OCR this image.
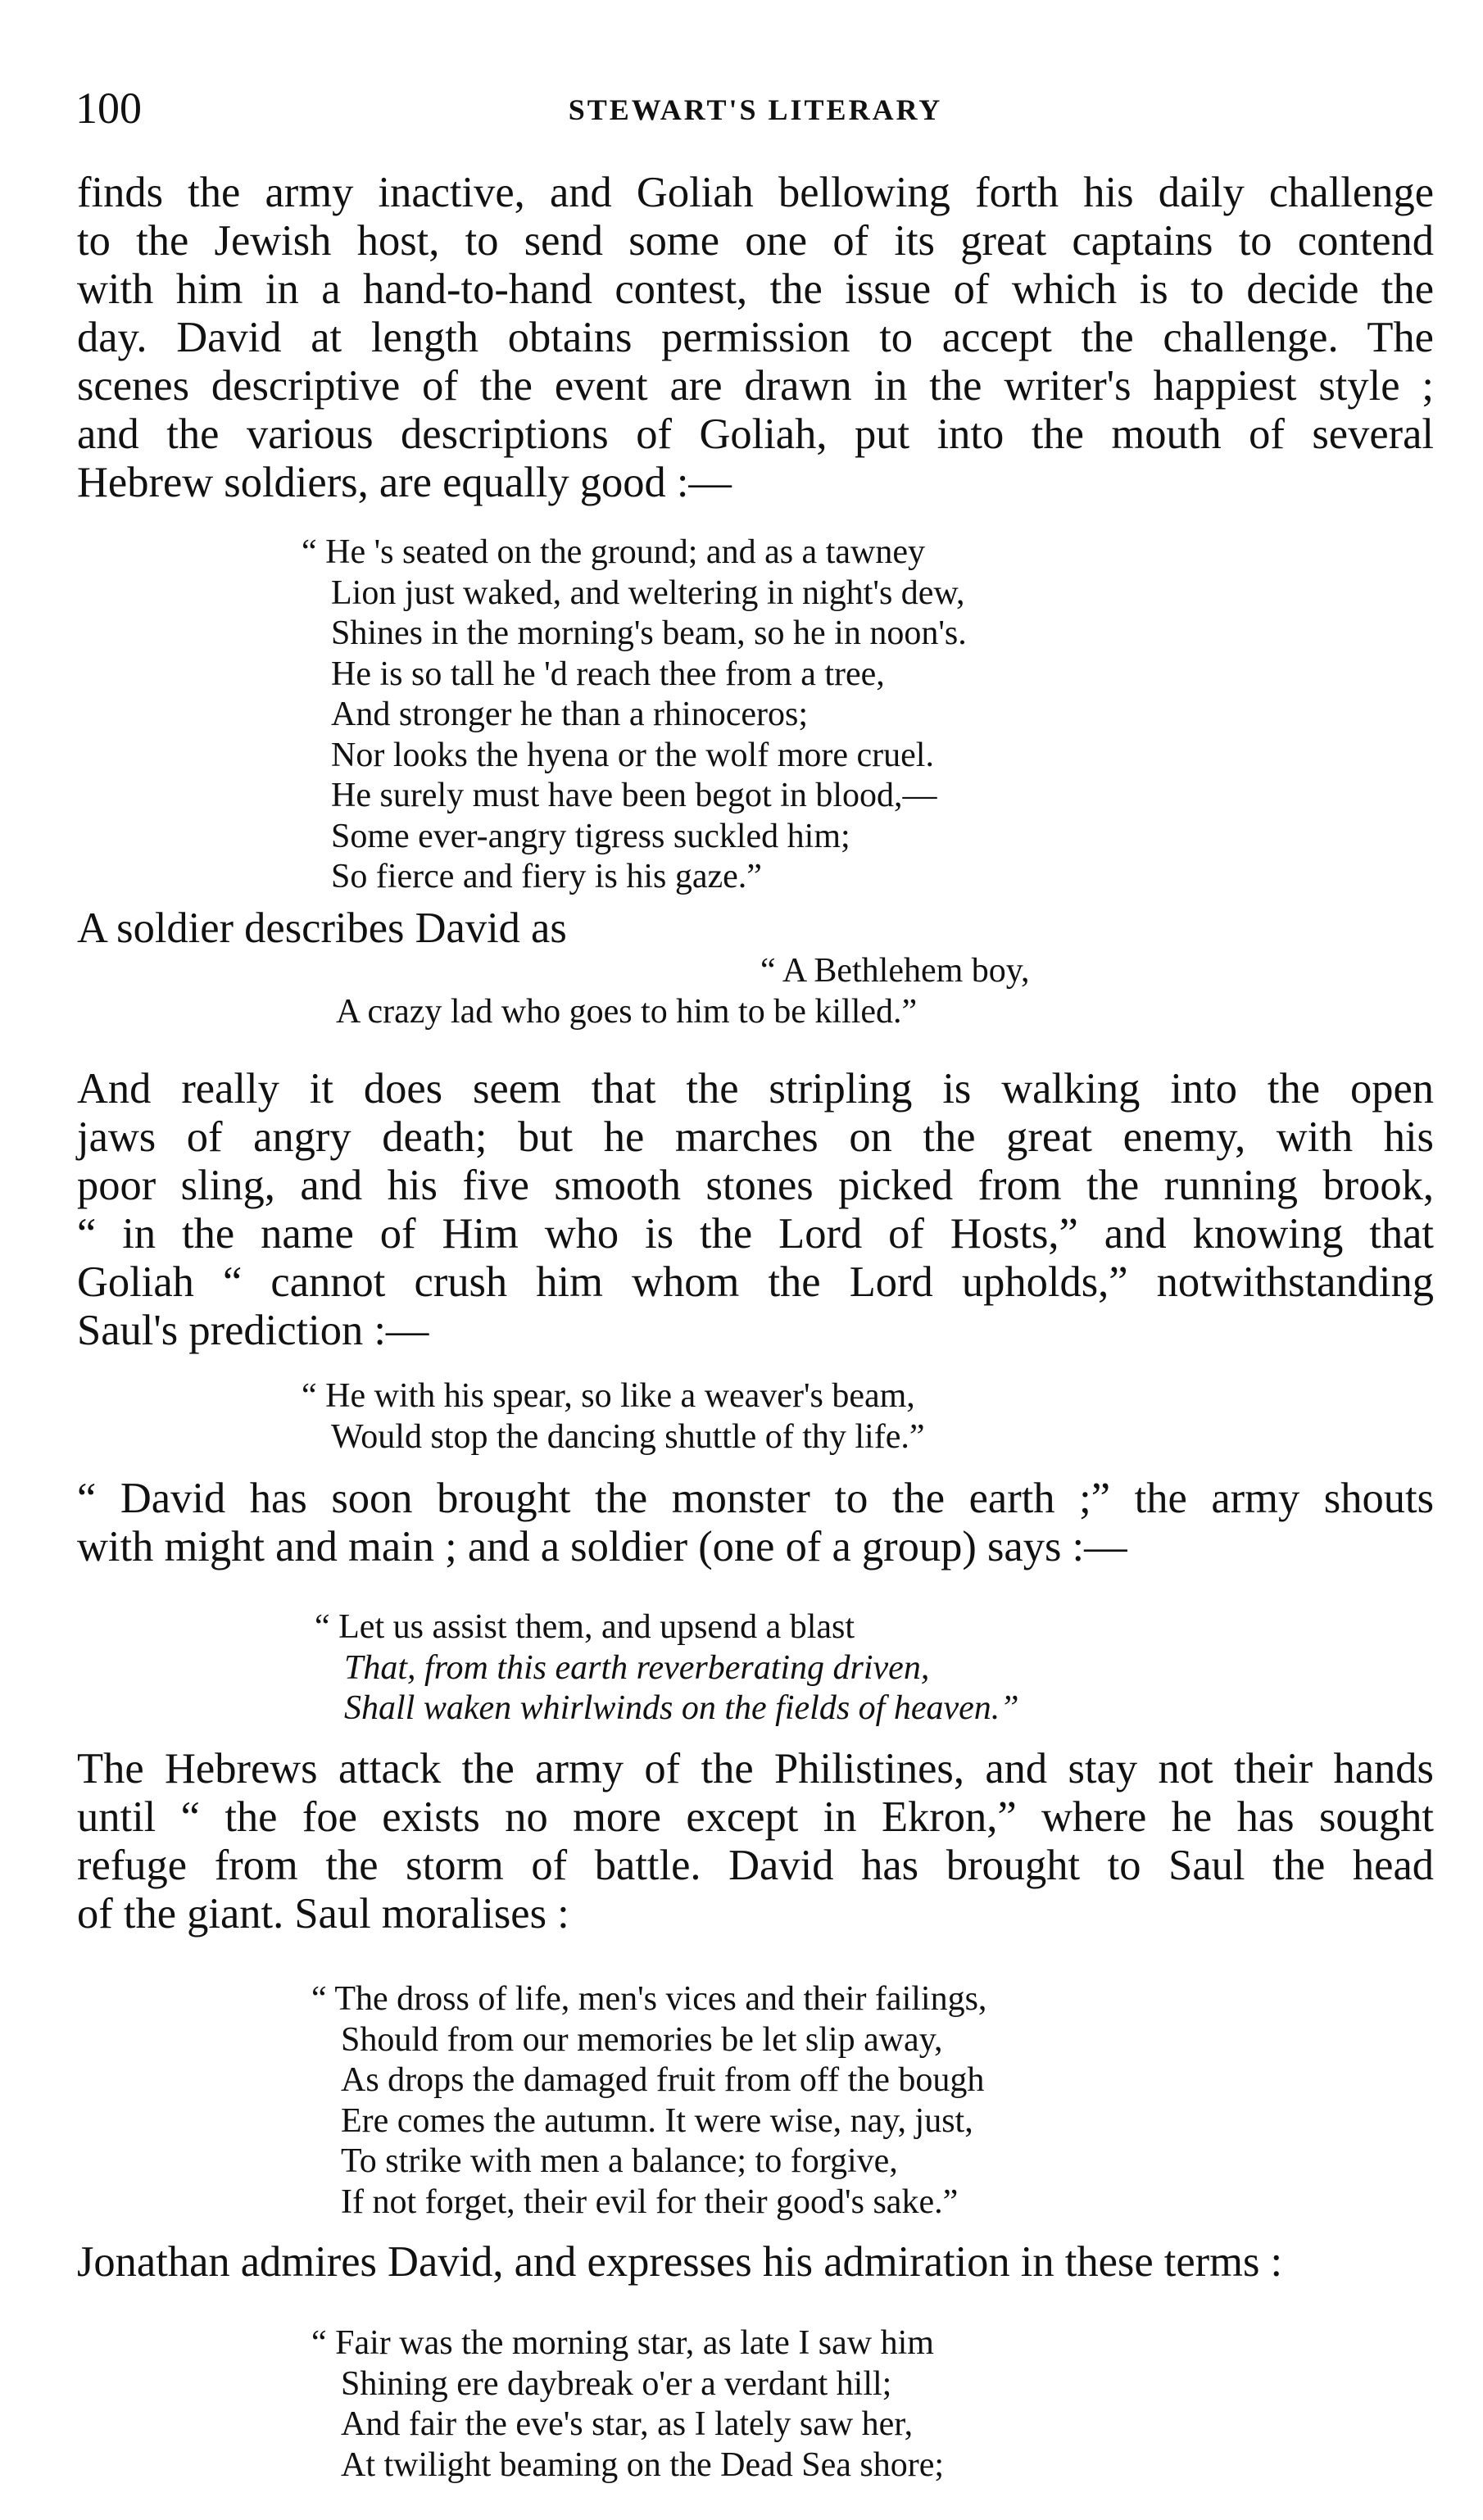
100	STEWART'S LITERARY
finds the army inactive, and Goliah bellowing forth his daily challenge
to the Jewish host, to send some one of its great captains to contend
with him in a hand-to-hand contest, the issue of which is to decide the
day. David at length obtains permission to accept the challenge. The
scenes descriptive of the event are drawn in the writer's happiest style ;
and the various descriptions of Goliah, put into the mouth of several
Hebrew soldiers, are equally good :—
“ He 's seated on the ground; and as a tawney
Lion just waked, and weltering in night's dew,
Shines in the morning's beam, so he in noon's.
He is so tall he 'd reach thee from a tree,
And stronger he than a rhinoceros;
Nor looks the hyena or the wolf more cruel.
He surely must have been begot in blood,—
Some ever-angry tigress suckled him;
So fierce and fiery is his gaze.”
A soldier describes David as
“ A Bethlehem boy,
A crazy lad who goes to him to be killed.”
And really it does seem that the stripling is walking into the open
jaws of angry death; but he marches on the great enemy, with his
poor sling, and his five smooth stones picked from the running brook,
“ in the name of Him who is the Lord of Hosts,” and knowing that
Goliah “ cannot crush him whom the Lord upholds,” notwithstanding
Saul's prediction :—
“ He with his spear, so like a weaver's beam,
Would stop the dancing shuttle of thy life.”
“ David has soon brought the monster to the earth ;” the army shouts
with might and main ; and a soldier (one of a group) says :—
“ Let us assist them, and upsend a blast
That, from this earth reverberating driven,
Shall waken whirlwinds on the fields of heaven.”
The Hebrews attack the army of the Philistines, and stay not their hands
until “ the foe exists no more except in Ekron,” where he has sought
refuge from the storm of battle. David has brought to Saul the head
of the giant. Saul moralises :
“ The dross of life, men's vices and their failings,
Should from our memories be let slip away,
As drops the damaged fruit from off the bough
Ere comes the autumn. It were wise, nay, just,
To strike with men a balance; to forgive,
If not forget, their evil for their good's sake.”
Jonathan admires David, and expresses his admiration in these terms :
“ Fair was the morning star, as late I saw him
Shining ere daybreak o'er a verdant hill;
And fair the eve's star, as I lately saw her,
At twilight beaming on the Dead Sea shore;
